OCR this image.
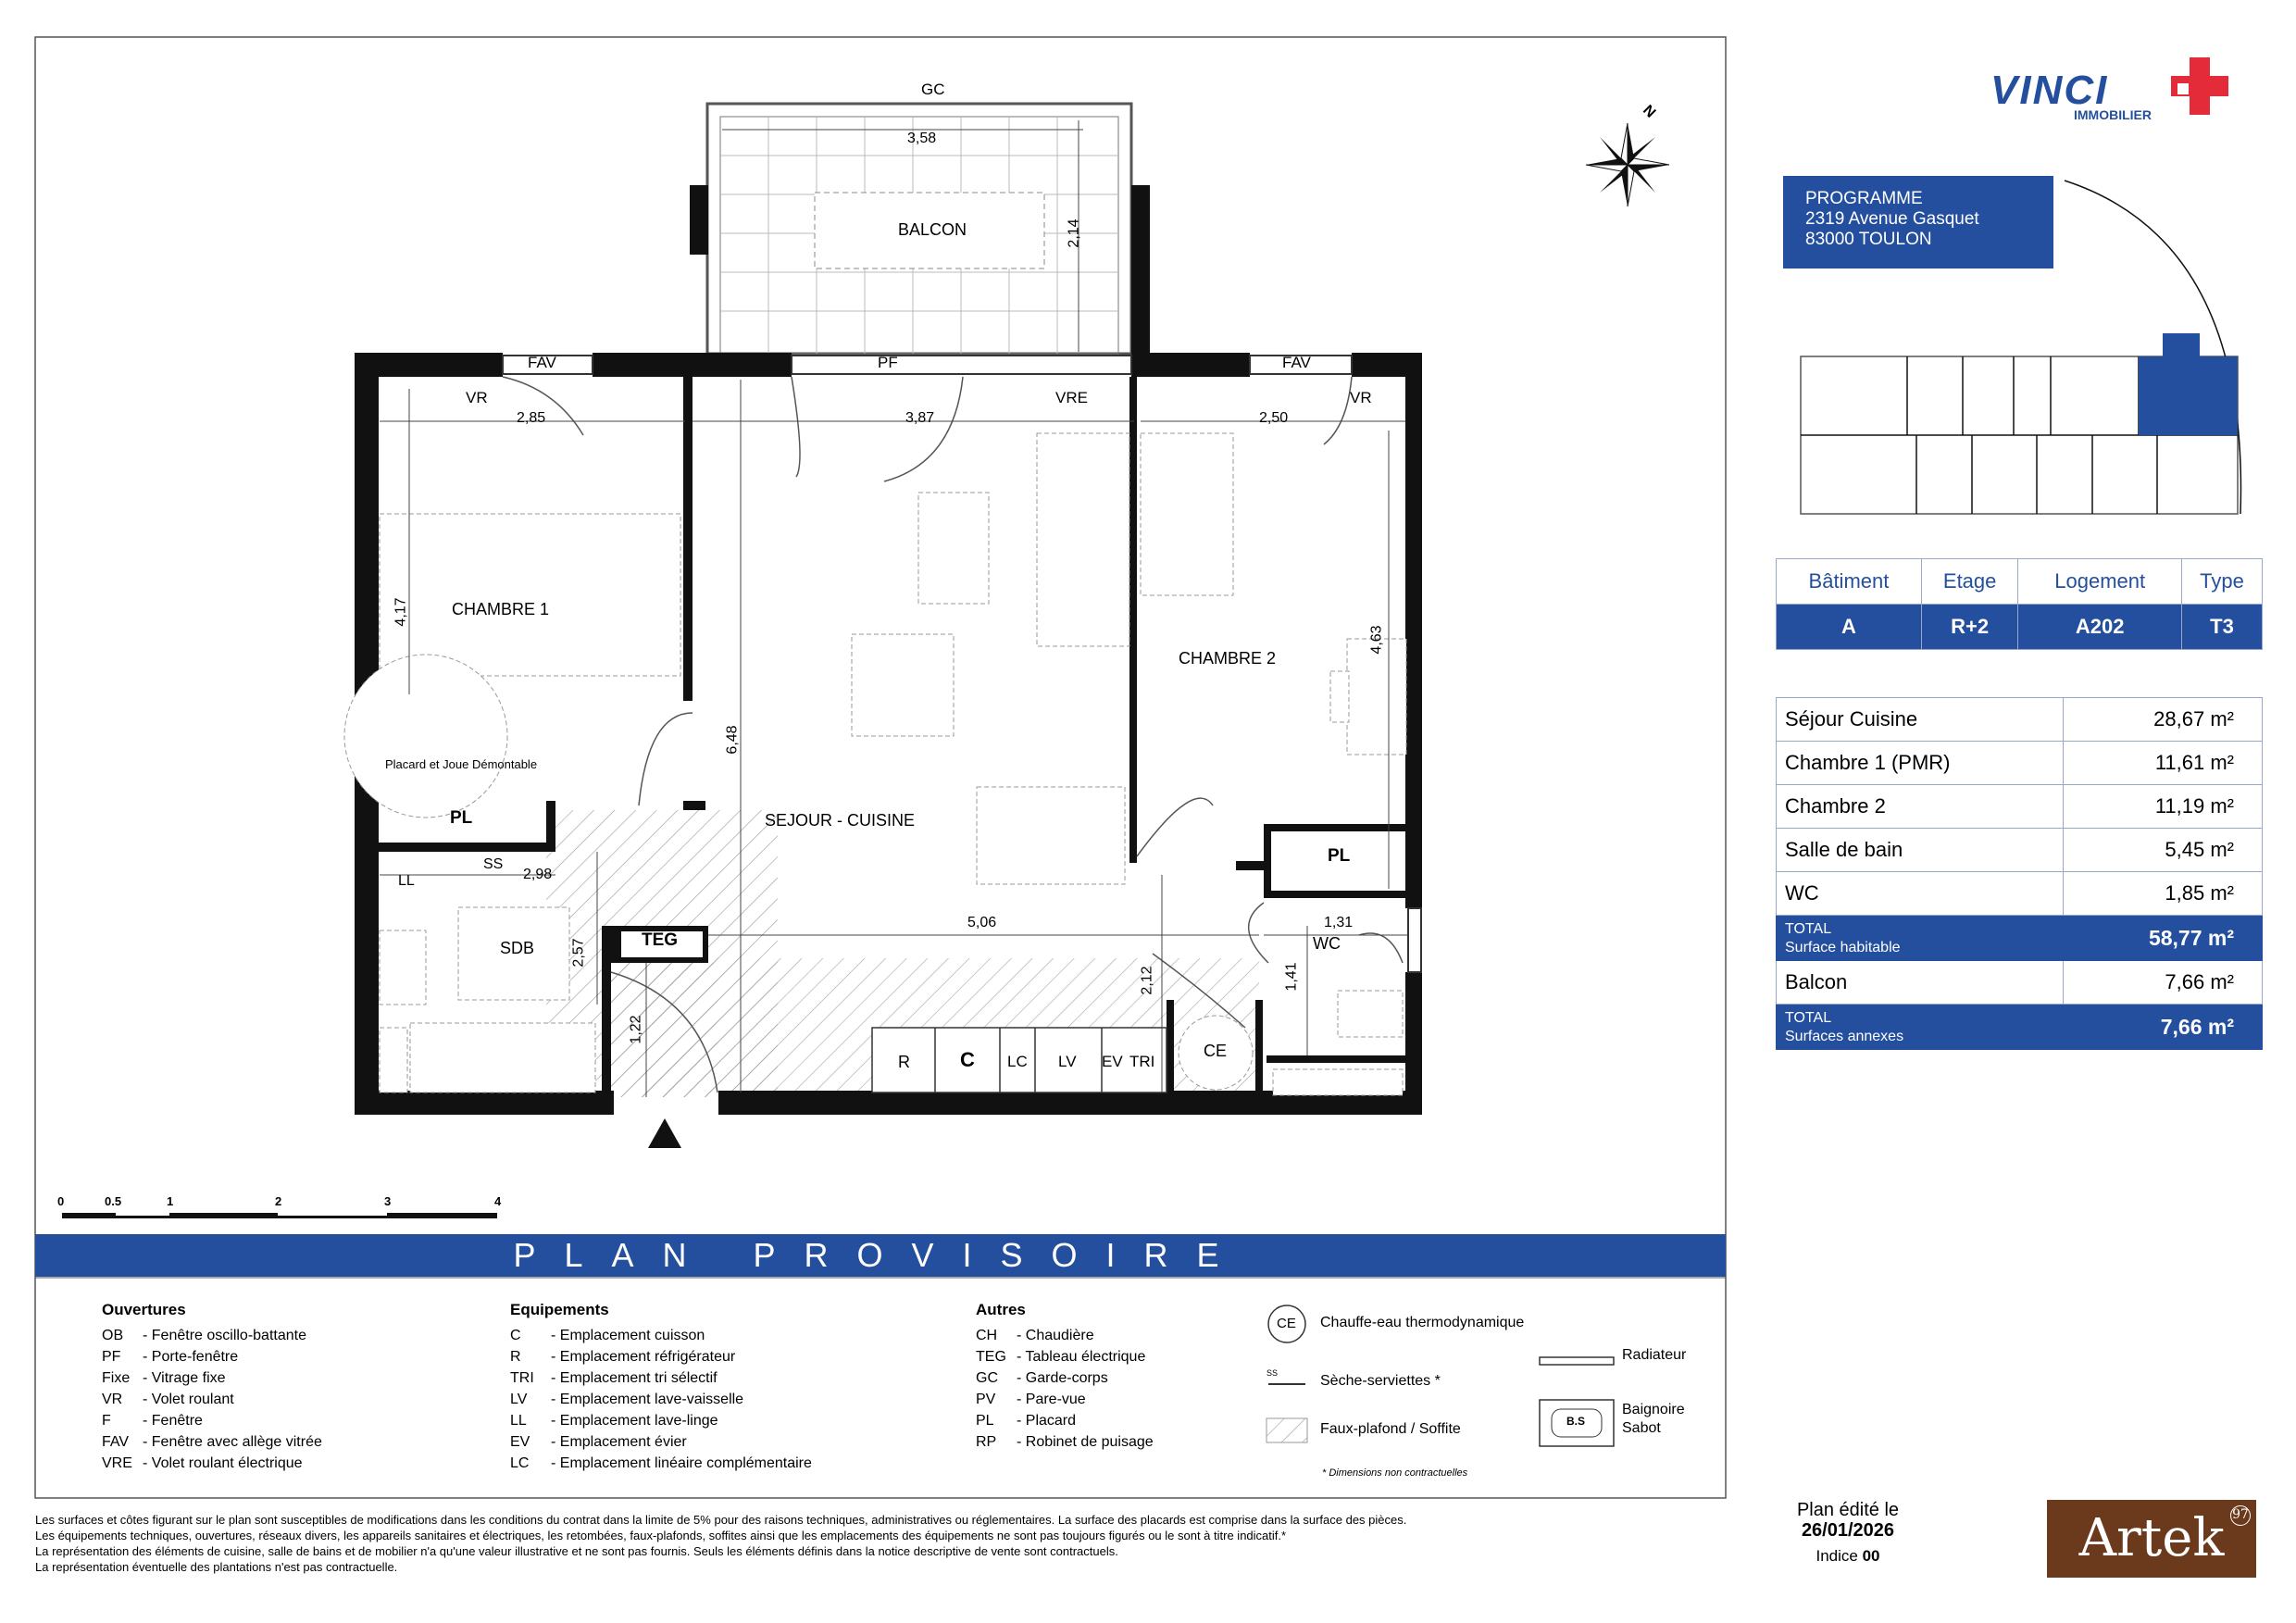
GC
3,58
2,14
BALCON
FAV	PF	FAV
VR	VRE	VR
2,85	3,87	2,50
4,17	CHAMBRE 1
CHAMBRE 2
4,63
6,48
Placard et Joue Démontable
PL	SEJOUR - CUISINE
PL
SS
LL	2,98
SDB 2,57	TEG
5,06	1,31
WC
1,41
2,12
1,22
R C LC LV EV TRI
CE
N
0	0.5	1	2	3	4
PLAN PROVISOIRE
Ouvertures
OB - Fenêtre oscillo-battante
PF - Porte-fenêtre
Fixe - Vitrage fixe
VR - Volet roulant
F - Fenêtre
FAV - Fenêtre avec allège vitrée
VRE - Volet roulant électrique
Equipements
C - Emplacement cuisson
R - Emplacement réfrigérateur
TRI - Emplacement tri sélectif
LV - Emplacement lave-vaisselle
LL - Emplacement lave-linge
EV - Emplacement évier
LC - Emplacement linéaire complémentaire
Autres
CH - Chaudière
TEG - Tableau électrique
GC - Garde-corps
PV - Pare-vue
PL - Placard
RP - Robinet de puisage
CE Chauffe-eau thermodynamique
SS	Sèche-serviettes *
Faux-plafond / Soffite
Radiateur
B.S
Baignoire
Sabot
* Dimensions non contractuelles
Les surfaces et côtes figurant sur le plan sont susceptibles de modifications dans les conditions du contrat dans la limite de 5% pour des raisons techniques, administratives ou réglementaires. La surface des placards est comprise dans la surface des pièces.
Les équipements techniques, ouvertures, réseaux divers, les appareils sanitaires et électriques, les retombées, faux-plafonds, soffites ainsi que les emplacements des équipements ne sont pas toujours figurés ou le sont à titre indicatif.*
La représentation des éléments de cuisine, salle de bains et de mobilier n'a qu'une valeur illustrative et ne sont pas fournis. Seuls les éléments définis dans la notice descriptive de vente sont contractuels.
La représentation éventuelle des plantations n'est pas contractuelle.
Plan édité le
26/01/2026
Indice 00	Artek 97
VINCI
IMMOBILIER
PROGRAMME
2319 Avenue Gasquet
83000 TOULON
Bâtiment	Etage	Logement	Type
A	R+2	A202	T3
Séjour Cuisine	28,67 m²
Chambre 1 (PMR)	11,61 m²
Chambre 2	11,19 m²
Salle de bain	5,45 m²
WC	1,85 m²

TOTAL
Surface habitable	58,77 m²
Balcon	7,66 m²

TOTAL
Surfaces annexes	7,66 m²
